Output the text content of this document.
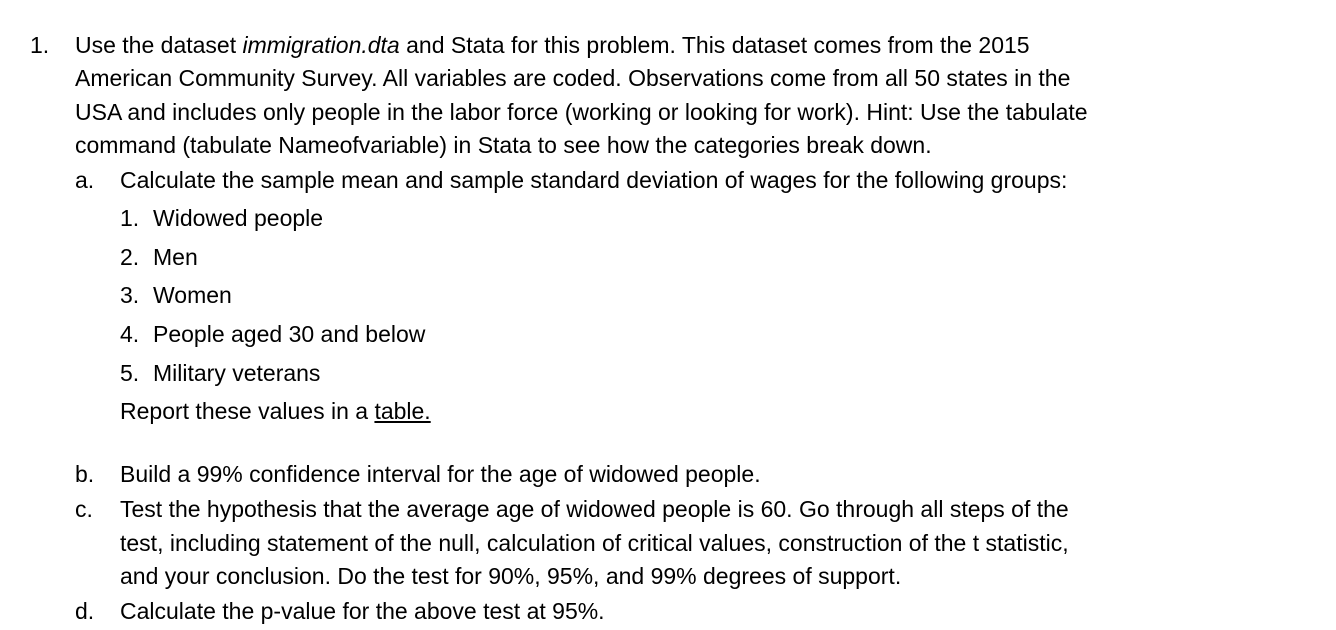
1. Use the dataset immigration.dta and Stata for this problem. This dataset comes from the 2015
American Community Survey. All variables are coded. Observations come from all 50 states in the
USA and includes only people in the labor force (working or looking for work). Hint: Use the tabulate
command (tabulate Nameofvariable) in Stata to see how the categories break down.
a. Calculate the sample mean and sample standard deviation of wages for the following groups:
1. Widowed people
2. Men
3. Women
4. People aged 30 and below
5. Military veterans
Report these values in a table.
b. Build a 99% confidence interval for the age of widowed people.
c. Test the hypothesis that the average age of widowed people is 60. Go through all steps of the
test, including statement of the null, calculation of critical values, construction of the t statistic,
and your conclusion. Do the test for 90%, 95%, and 99% degrees of support.
d. Calculate the p-value for the above test at 95%.
